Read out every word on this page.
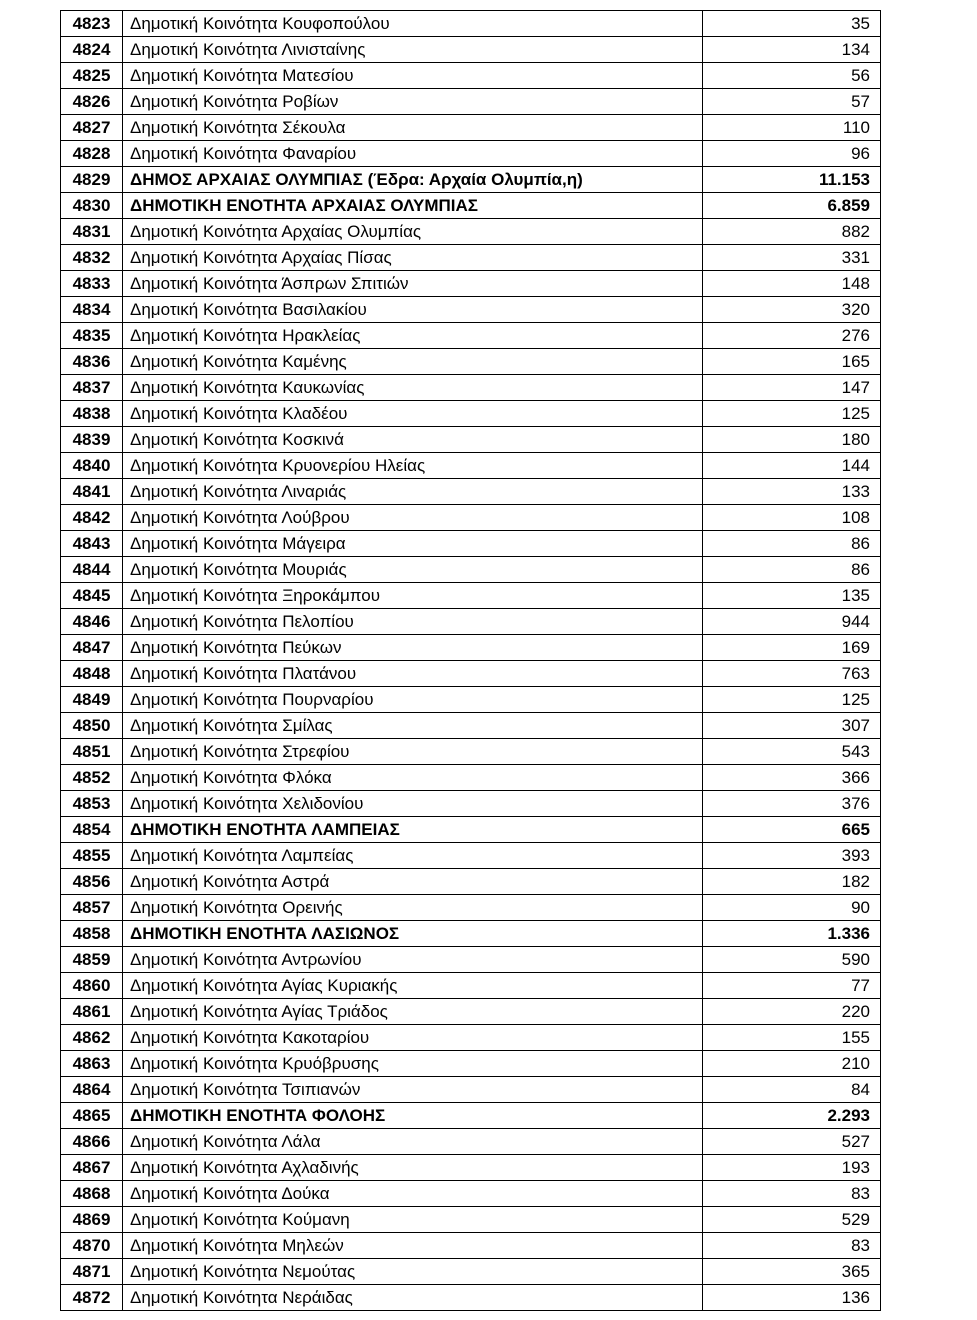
4823	Δημοτική Κοινότητα Κουφοπούλου	35
4824	Δημοτική Κοινότητα Λινισταίνης	134
4825	Δημοτική Κοινότητα Ματεσίου	56
4826	Δημοτική Κοινότητα Ροβίων	57
4827	Δημοτική Κοινότητα Σέκουλα	110
4828	Δημοτική Κοινότητα Φαναρίου	96
4829	ΔΗΜΟΣ ΑΡΧΑΙΑΣ ΟΛΥΜΠΙΑΣ (Έδρα: Αρχαία Ολυμπία,η)	11.153
4830	ΔΗΜΟΤΙΚΗ ΕΝΟΤΗΤΑ ΑΡΧΑΙΑΣ ΟΛΥΜΠΙΑΣ	6.859
4831	Δημοτική Κοινότητα Αρχαίας Ολυμπίας	882
4832	Δημοτική Κοινότητα Αρχαίας Πίσας	331
4833	Δημοτική Κοινότητα Άσπρων Σπιτιών	148
4834	Δημοτική Κοινότητα Βασιλακίου	320
4835	Δημοτική Κοινότητα Ηρακλείας	276
4836	Δημοτική Κοινότητα Καμένης	165
4837	Δημοτική Κοινότητα Καυκωνίας	147
4838	Δημοτική Κοινότητα Κλαδέου	125
4839	Δημοτική Κοινότητα Κοσκινά	180
4840	Δημοτική Κοινότητα Κρυονερίου Ηλείας	144
4841	Δημοτική Κοινότητα Λιναριάς	133
4842	Δημοτική Κοινότητα Λούβρου	108
4843	Δημοτική Κοινότητα Μάγειρα	86
4844	Δημοτική Κοινότητα Μουριάς	86
4845	Δημοτική Κοινότητα Ξηροκάμπου	135
4846	Δημοτική Κοινότητα Πελοπίου	944
4847	Δημοτική Κοινότητα Πεύκων	169
4848	Δημοτική Κοινότητα Πλατάνου	763
4849	Δημοτική Κοινότητα Πουρναρίου	125
4850	Δημοτική Κοινότητα Σμίλας	307
4851	Δημοτική Κοινότητα Στρεφίου	543
4852	Δημοτική Κοινότητα Φλόκα	366
4853	Δημοτική Κοινότητα Χελιδονίου	376
4854	ΔΗΜΟΤΙΚΗ ΕΝΟΤΗΤΑ ΛΑΜΠΕΙΑΣ	665
4855	Δημοτική Κοινότητα Λαμπείας	393
4856	Δημοτική Κοινότητα Αστρά	182
4857	Δημοτική Κοινότητα Ορεινής	90
4858	ΔΗΜΟΤΙΚΗ ΕΝΟΤΗΤΑ ΛΑΣΙΩΝΟΣ	1.336
4859	Δημοτική Κοινότητα Αντρωνίου	590
4860	Δημοτική Κοινότητα Αγίας Κυριακής	77
4861	Δημοτική Κοινότητα Αγίας Τριάδος	220
4862	Δημοτική Κοινότητα Κακοταρίου	155
4863	Δημοτική Κοινότητα Κρυόβρυσης	210
4864	Δημοτική Κοινότητα Τσιπιανών	84
4865	ΔΗΜΟΤΙΚΗ ΕΝΟΤΗΤΑ ΦΟΛΟΗΣ	2.293
4866	Δημοτική Κοινότητα Λάλα	527
4867	Δημοτική Κοινότητα Αχλαδινής	193
4868	Δημοτική Κοινότητα Δούκα	83
4869	Δημοτική Κοινότητα Κούμανη	529
4870	Δημοτική Κοινότητα Μηλεών	83
4871	Δημοτική Κοινότητα Νεμούτας	365
4872	Δημοτική Κοινότητα Νεράιδας	136
